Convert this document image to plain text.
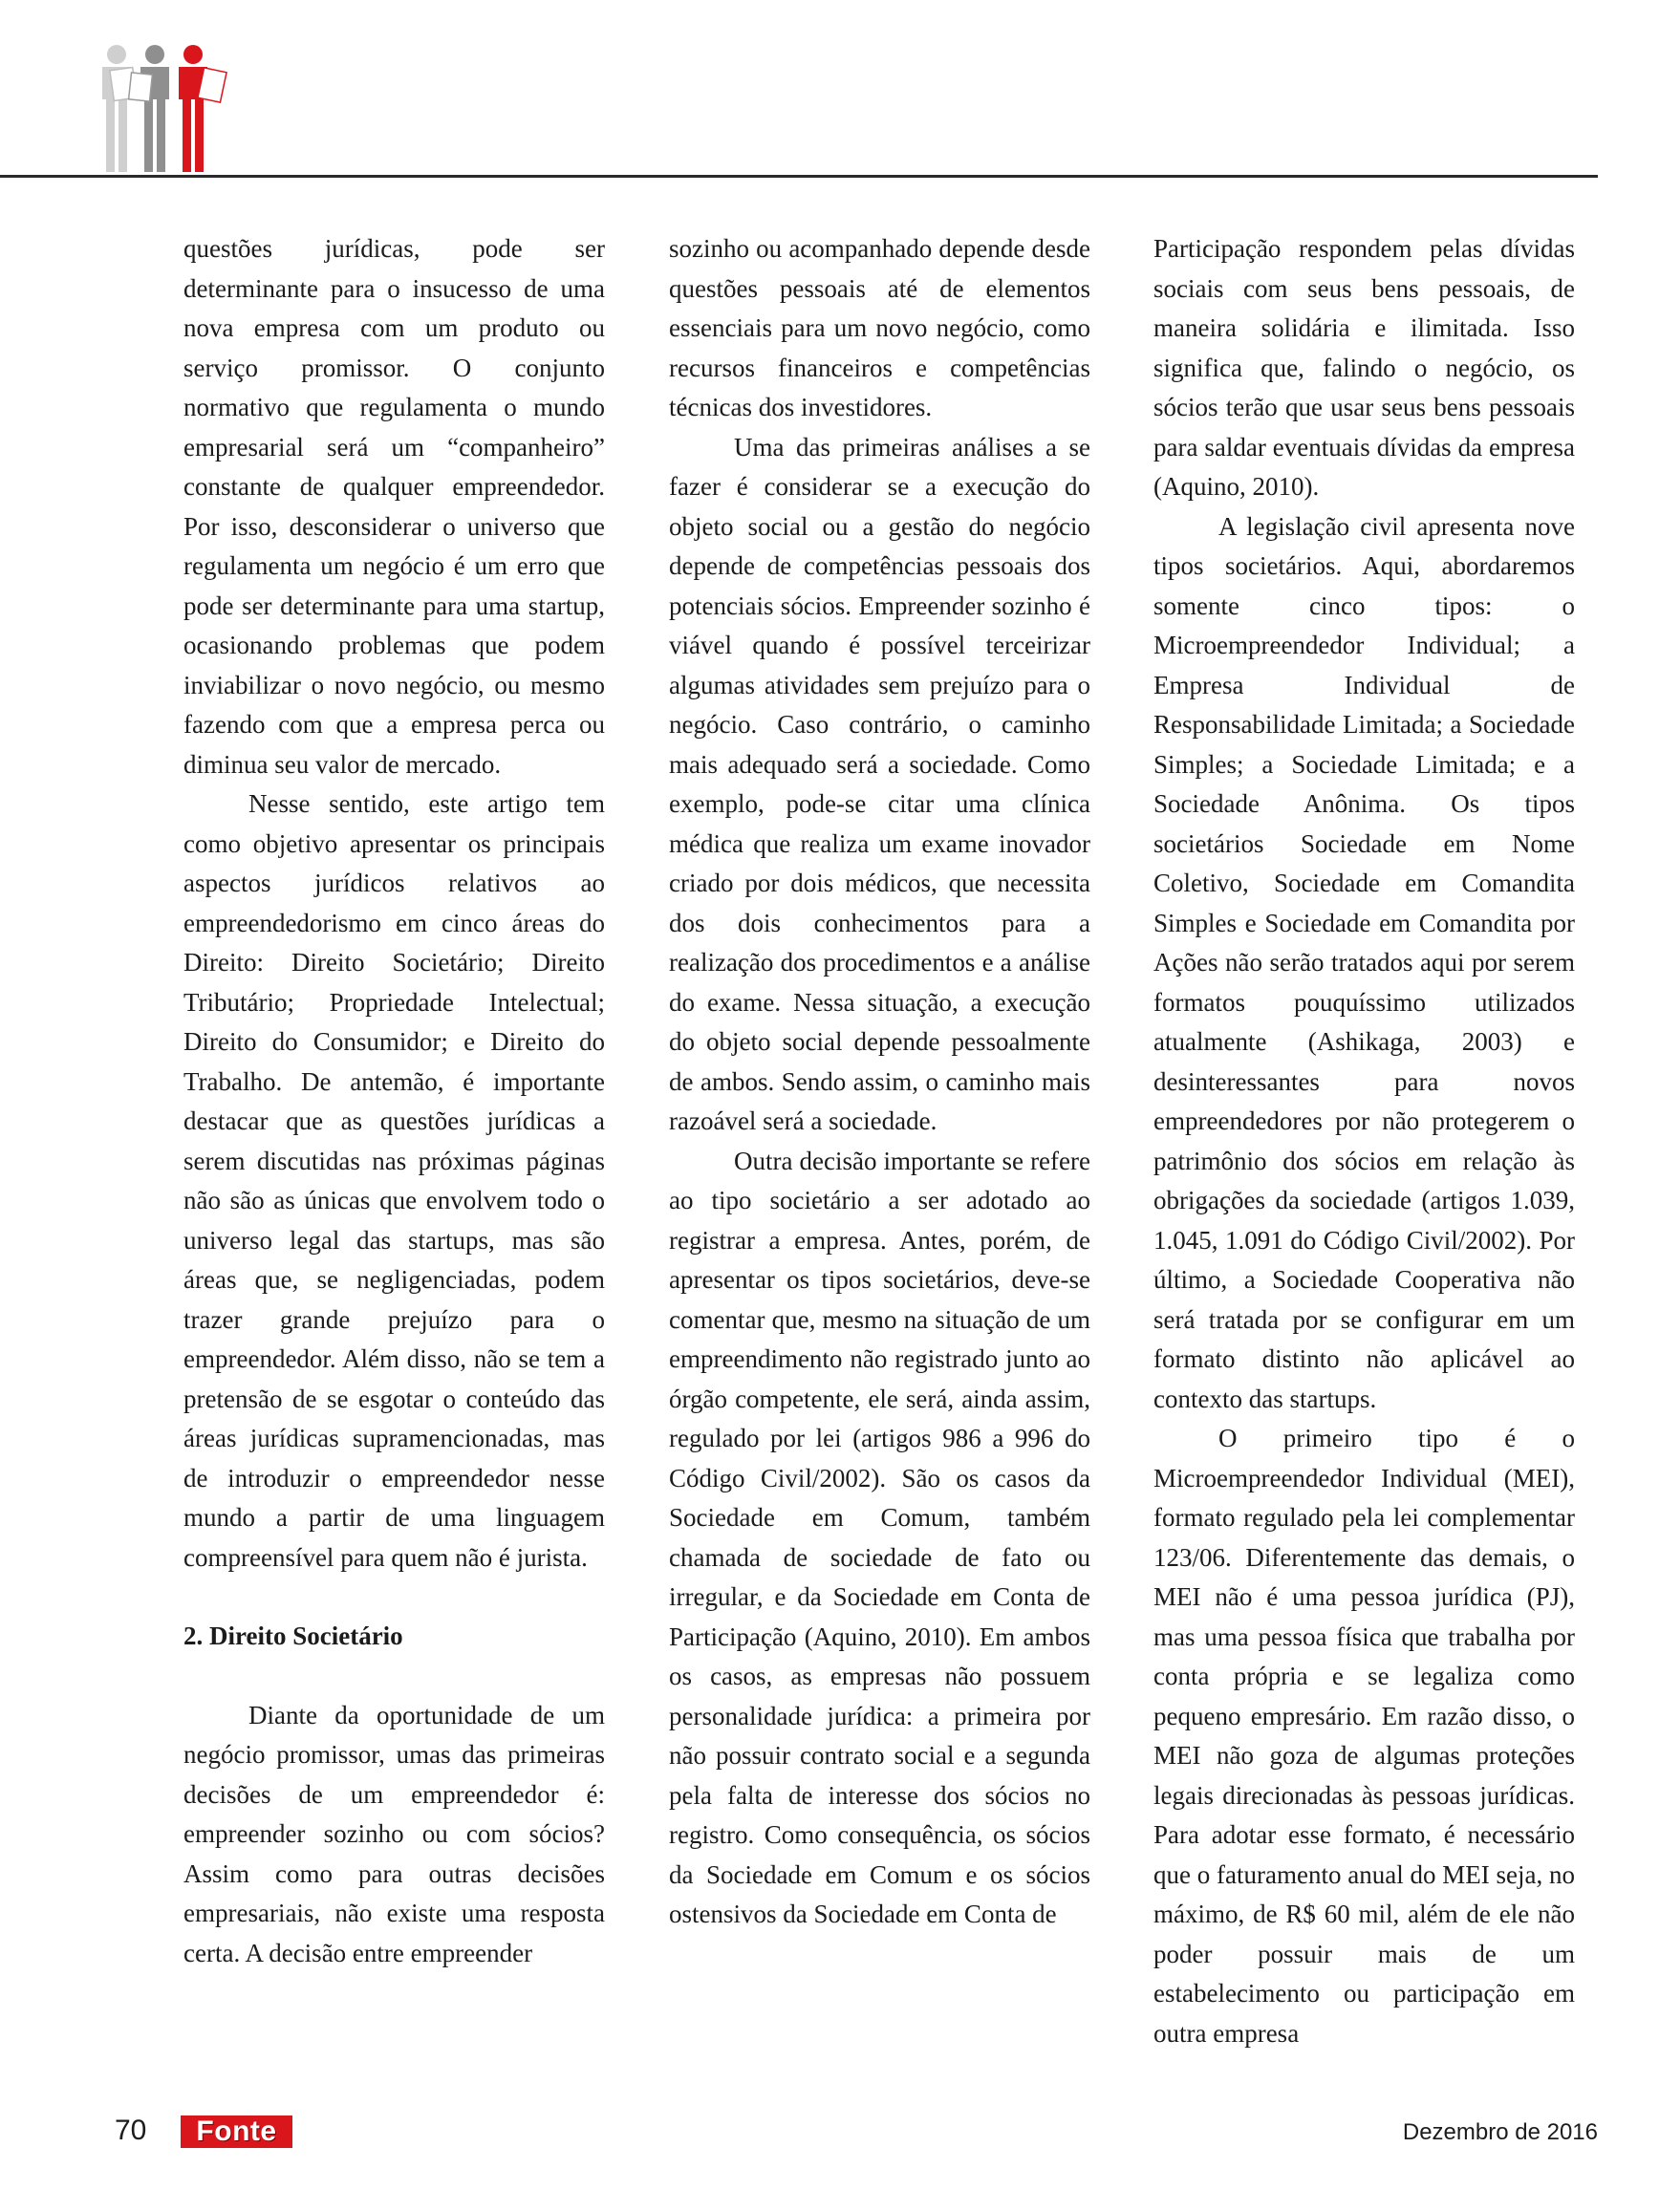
questões jurídicas, pode ser determinante para o insucesso de uma nova empresa com um produto ou serviço promissor. O conjunto normativo que regulamenta o mundo empresarial será um “companheiro” constante de qualquer empreendedor. Por isso, desconsiderar o universo que regulamenta um negócio é um erro que pode ser determinante para uma startup, ocasionando problemas que podem inviabilizar o novo negócio, ou mesmo fazendo com que a empresa perca ou diminua seu valor de mercado.

Nesse sentido, este artigo tem como objetivo apresentar os principais aspectos jurídicos relativos ao empreendedorismo em cinco áreas do Direito: Direito Societário; Direito Tributário; Propriedade Intelectual; Direito do Consumidor; e Direito do Trabalho. De antemão, é importante destacar que as questões jurídicas a serem discutidas nas próximas páginas não são as únicas que envolvem todo o universo legal das startups, mas são áreas que, se negligenciadas, podem trazer grande prejuízo para o empreendedor. Além disso, não se tem a pretensão de se esgotar o conteúdo das áreas jurídicas supramencionadas, mas de introduzir o empreendedor nesse mundo a partir de uma linguagem compreensível para quem não é jurista.

2. Direito Societário

Diante da oportunidade de um negócio promissor, umas das primeiras decisões de um empreendedor é: empreender sozinho ou com sócios? Assim como para outras decisões empresariais, não existe uma resposta certa. A decisão entre empreender

sozinho ou acompanhado depende desde questões pessoais até de elementos essenciais para um novo negócio, como recursos financeiros e competências técnicas dos investidores.

Uma das primeiras análises a se fazer é considerar se a execução do objeto social ou a gestão do negócio depende de competências pessoais dos potenciais sócios. Empreender sozinho é viável quando é possível terceirizar algumas atividades sem prejuízo para o negócio. Caso contrário, o caminho mais adequado será a sociedade. Como exemplo, pode-se citar uma clínica médica que realiza um exame inovador criado por dois médicos, que necessita dos dois conhecimentos para a realização dos procedimentos e a análise do exame. Nessa situação, a execução do objeto social depende pessoalmente de ambos. Sendo assim, o caminho mais razoável será a sociedade.

Outra decisão importante se refere ao tipo societário a ser adotado ao registrar a empresa. Antes, porém, de apresentar os tipos societários, deve-se comentar que, mesmo na situação de um empreendimento não registrado junto ao órgão competente, ele será, ainda assim, regulado por lei (artigos 986 a 996 do Código Civil/2002). São os casos da Sociedade em Comum, também chamada de sociedade de fato ou irregular, e da Sociedade em Conta de Participação (Aquino, 2010). Em ambos os casos, as empresas não possuem personalidade jurídica: a primeira por não possuir contrato social e a segunda pela falta de interesse dos sócios no registro. Como consequência, os sócios da Sociedade em Comum e os sócios ostensivos da Sociedade em Conta de

Participação respondem pelas dívidas sociais com seus bens pessoais, de maneira solidária e ilimitada. Isso significa que, falindo o negócio, os sócios terão que usar seus bens pessoais para saldar eventuais dívidas da empresa (Aquino, 2010).

A legislação civil apresenta nove tipos societários. Aqui, abordaremos somente cinco tipos: o Microempreendedor Individual; a Empresa Individual de Responsabilidade Limitada; a Sociedade Simples; a Sociedade Limitada; e a Sociedade Anônima. Os tipos societários Sociedade em Nome Coletivo, Sociedade em Comandita Simples e Sociedade em Comandita por Ações não serão tratados aqui por serem formatos pouquíssimo utilizados atualmente (Ashikaga, 2003) e desinteressantes para novos empreendedores por não protegerem o patrimônio dos sócios em relação às obrigações da sociedade (artigos 1.039, 1.045, 1.091 do Código Civil/2002). Por último, a Sociedade Cooperativa não será tratada por se configurar em um formato distinto não aplicável ao contexto das startups.

O primeiro tipo é o Microempreendedor Individual (MEI), formato regulado pela lei complementar 123/06. Diferentemente das demais, o MEI não é uma pessoa jurídica (PJ), mas uma pessoa física que trabalha por conta própria e se legaliza como pequeno empresário. Em razão disso, o MEI não goza de algumas proteções legais direcionadas às pessoas jurídicas. Para adotar esse formato, é necessário que o faturamento anual do MEI seja, no máximo, de R$ 60 mil, além de ele não poder possuir mais de um estabelecimento ou participação em outra empresa

70	Fonte	Dezembro de 2016
